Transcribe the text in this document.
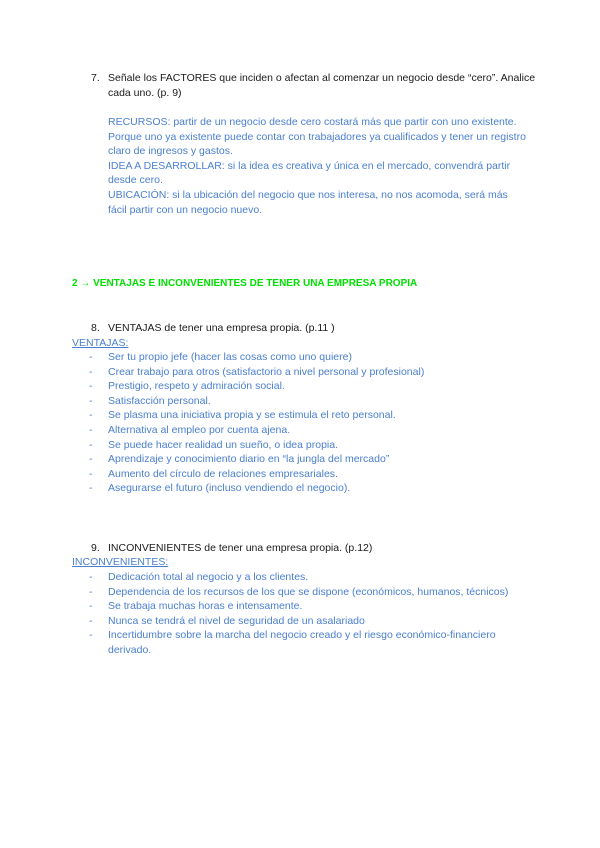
7. Señale los FACTORES que inciden o afectan al comenzar un negocio desde “cero”. Analice cada uno. (p. 9)

RECURSOS: partir de un negocio desde cero costará más que partir con uno existente. Porque uno ya existente puede contar con trabajadores ya cualificados y tener un registro claro de ingresos y gastos.

IDEA A DESARROLLAR: si la idea es creativa y única en el mercado, convendrá partir desde cero.

UBICACIÓN: si la ubicación del negocio que nos interesa, no nos acomoda, será más fácil partir con un negocio nuevo.

2 → VENTAJAS E INCONVENIENTES DE TENER UNA EMPRESA PROPIA
8. VENTAJAS de tener una empresa propia. (p.11 )
VENTAJAS:
- Ser tu propio jefe (hacer las cosas como uno quiere)
- Crear trabajo para otros (satisfactorio a nivel personal y profesional)
- Prestigio, respeto y admiración social.
- Satisfacción personal.
- Se plasma una iniciativa propia y se estimula el reto personal.
- Alternativa al empleo por cuenta ajena.
- Se puede hacer realidad un sueño, o idea propia.
- Aprendizaje y conocimiento diario en “la jungla del mercado”
- Aumento del círculo de relaciones empresariales.
- Asegurarse el futuro (incluso vendiendo el negocio).
9. INCONVENIENTES de tener una empresa propia. (p.12)
INCONVENIENTES:
- Dedicación total al negocio y a los clientes.
- Dependencia de los recursos de los que se dispone (económicos, humanos, técnicos)
- Se trabaja muchas horas e intensamente.
- Nunca se tendrá el nivel de seguridad de un asalariado
- Incertidumbre sobre la marcha del negocio creado y el riesgo económico-financiero derivado.
